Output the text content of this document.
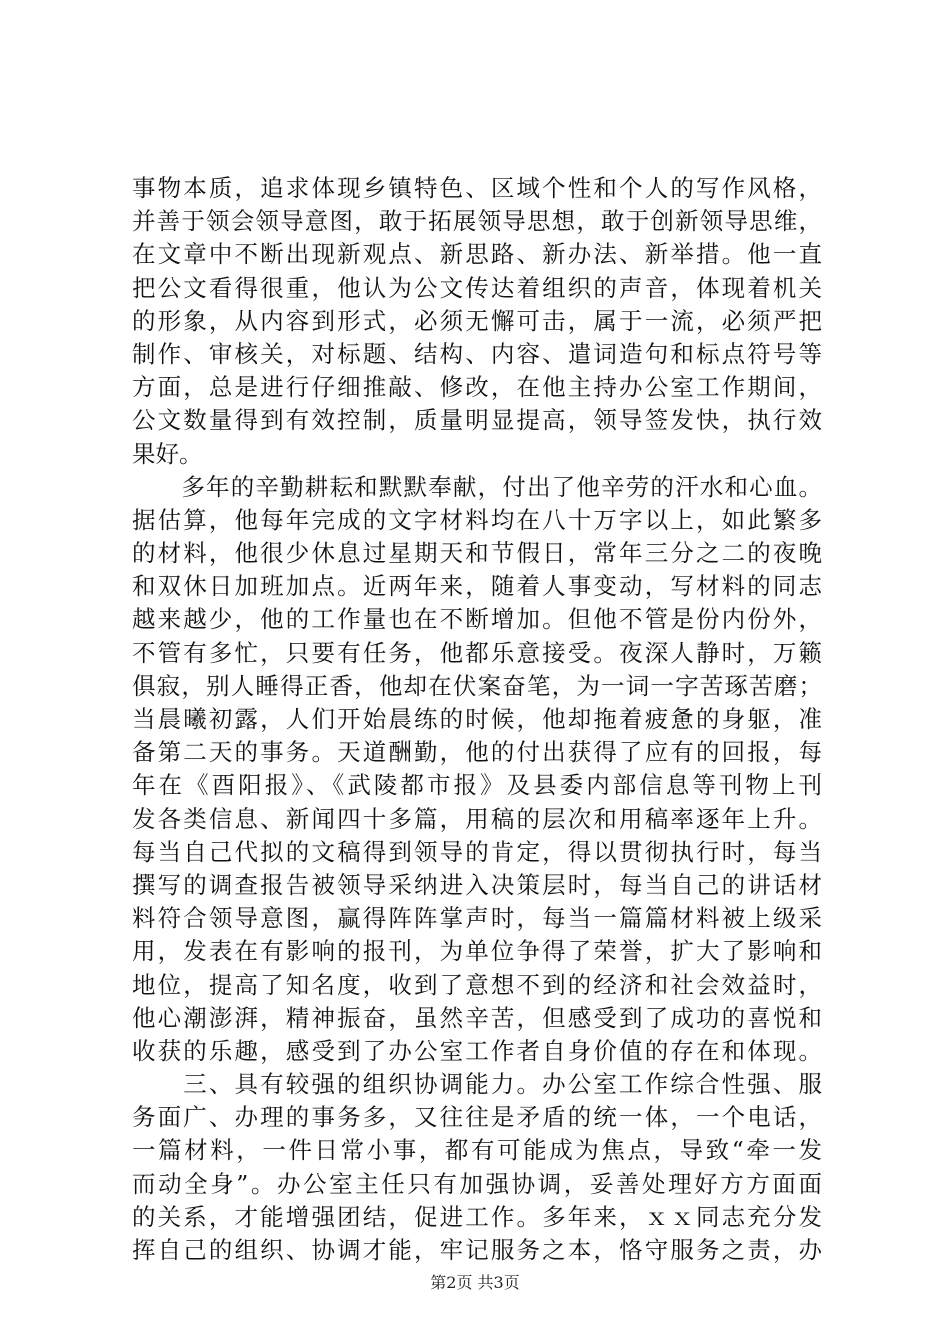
事物本质，追求体现乡镇特色、区域个性和个人的写作风格，
并善于领会领导意图，敢于拓展领导思想，敢于创新领导思维，
在文章中不断出现新观点、新思路、新办法、新举措。他一直
把公文看得很重，他认为公文传达着组织的声音，体现着机关
的形象，从内容到形式，必须无懈可击，属于一流，必须严把
制作、审核关，对标题、结构、内容、遣词造句和标点符号等
方面，总是进行仔细推敲、修改，在他主持办公室工作期间，
公文数量得到有效控制，质量明显提高，领导签发快，执行效
果好。
　　多年的辛勤耕耘和默默奉献，付出了他辛劳的汗水和心血。
据估算，他每年完成的文字材料均在八十万字以上，如此繁多
的材料，他很少休息过星期天和节假日，常年三分之二的夜晚
和双休日加班加点。近两年来，随着人事变动，写材料的同志
越来越少，他的工作量也在不断增加。但他不管是份内份外，
不管有多忙，只要有任务，他都乐意接受。夜深人静时，万籁
俱寂，别人睡得正香，他却在伏案奋笔，为一词一字苦琢苦磨；
当晨曦初露，人们开始晨练的时候，他却拖着疲惫的身躯，准
备第二天的事务。天道酬勤，他的付出获得了应有的回报，每
年在《酉阳报》、《武陵都市报》及县委内部信息等刊物上刊
发各类信息、新闻四十多篇，用稿的层次和用稿率逐年上升。
每当自己代拟的文稿得到领导的肯定，得以贯彻执行时，每当
撰写的调查报告被领导采纳进入决策层时，每当自己的讲话材
料符合领导意图，赢得阵阵掌声时，每当一篇篇材料被上级采
用，发表在有影响的报刊，为单位争得了荣誉，扩大了影响和
地位，提高了知名度，收到了意想不到的经济和社会效益时，
他心潮澎湃，精神振奋，虽然辛苦，但感受到了成功的喜悦和
收获的乐趣，感受到了办公室工作者自身价值的存在和体现。
　　三、具有较强的组织协调能力。办公室工作综合性强、服
务面广、办理的事务多，又往往是矛盾的统一体，一个电话，
一篇材料，一件日常小事，都有可能成为焦点，导致“牵一发
而动全身”。办公室主任只有加强协调，妥善处理好方方面面
的关系，才能增强团结，促进工作。多年来，ｘｘ同志充分发
挥自己的组织、协调才能，牢记服务之本，恪守服务之责，办
第2页 共3页
